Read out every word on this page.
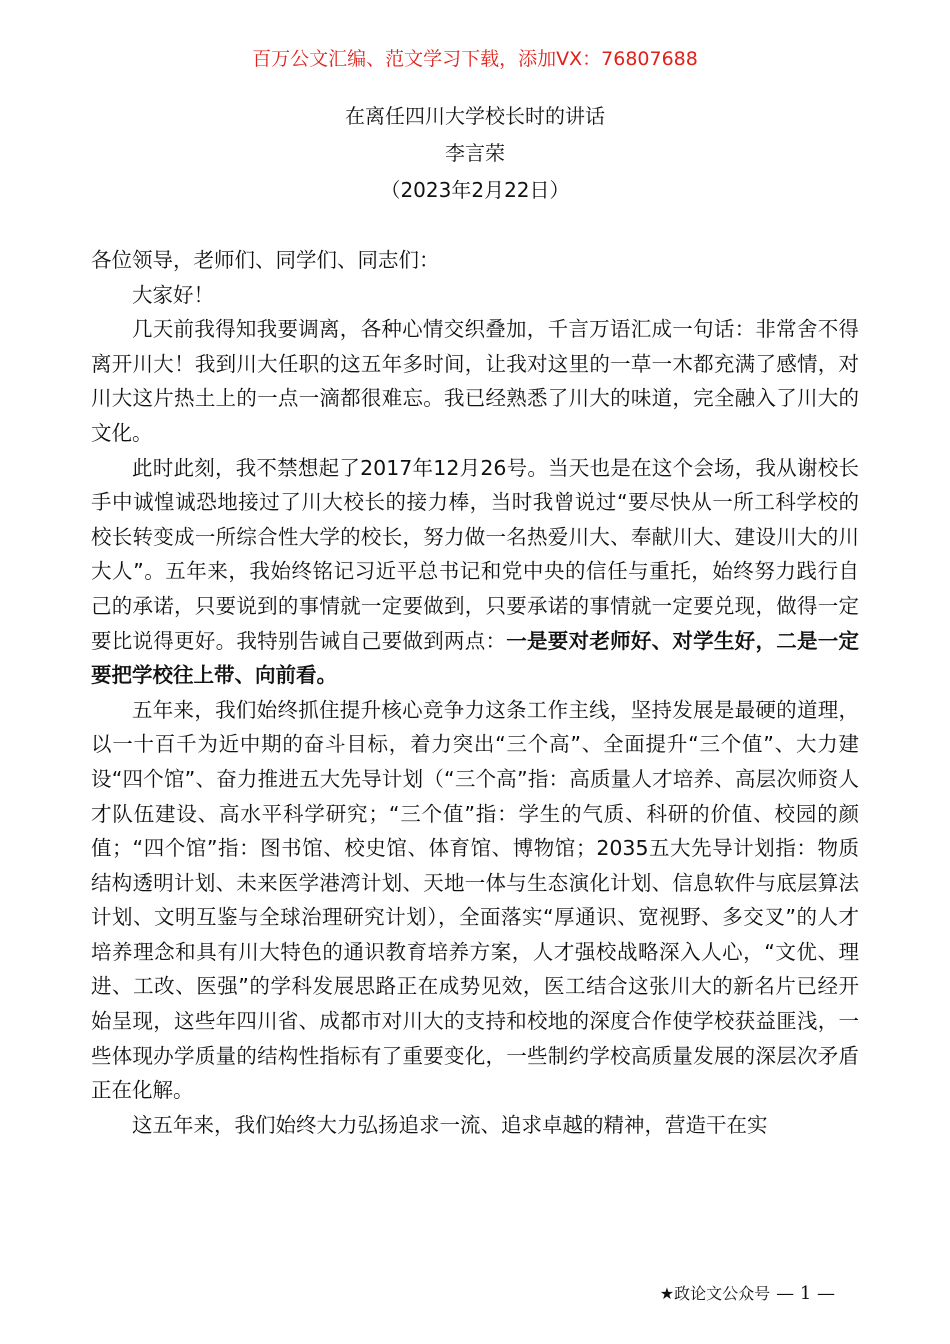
百万公文汇编、范文学习下载，添加VX：76807688
在离任四川大学校长时的讲话
李言荣
（2023年2月22日）

各位领导，老师们、同学们、同志们：

大家好！

几天前我得知我要调离，各种心情交织叠加，千言万语汇成一句话：非常舍不得离开川大！我到川大任职的这五年多时间，让我对这里的一草一木都充满了感情，对川大这片热土上的一点一滴都很难忘。我已经熟悉了川大的味道，完全融入了川大的文化。

此时此刻，我不禁想起了2017年12月26号。当天也是在这个会场，我从谢校长手中诚惶诚恐地接过了川大校长的接力棒，当时我曾说过“要尽快从一所工科学校的校长转变成一所综合性大学的校长，努力做一名热爱川大、奉献川大、建设川大的川大人”。五年来，我始终铭记习近平总书记和党中央的信任与重托，始终努力践行自己的承诺，只要说到的事情就一定要做到，只要承诺的事情就一定要兑现，做得一定要比说得更好。我特别告诫自己要做到两点：一是要对老师好、对学生好，二是一定要把学校往上带、向前看。

五年来，我们始终抓住提升核心竞争力这条工作主线，坚持发展是最硬的道理，以一十百千为近中期的奋斗目标，着力突出“三个高”、全面提升“三个值”、大力建设“四个馆”、奋力推进五大先导计划（“三个高”指：高质量人才培养、高层次师资人才队伍建设、高水平科学研究；“三个值”指：学生的气质、科研的价值、校园的颜值；“四个馆”指：图书馆、校史馆、体育馆、博物馆；2035五大先导计划指：物质结构透明计划、未来医学港湾计划、天地一体与生态演化计划、信息软件与底层算法计划、文明互鉴与全球治理研究计划），全面落实“厚通识、宽视野、多交叉”的人才培养理念和具有川大特色的通识教育培养方案，人才强校战略深入人心，“文优、理进、工改、医强”的学科发展思路正在成势见效，医工结合这张川大的新名片已经开始呈现，这些年四川省、成都市对川大的支持和校地的深度合作使学校获益匪浅，一些体现办学质量的结构性指标有了重要变化，一些制约学校高质量发展的深层次矛盾正在化解。

这五年来，我们始终大力弘扬追求一流、追求卓越的精神，营造干在实

★政论文公众号 — 1 —
